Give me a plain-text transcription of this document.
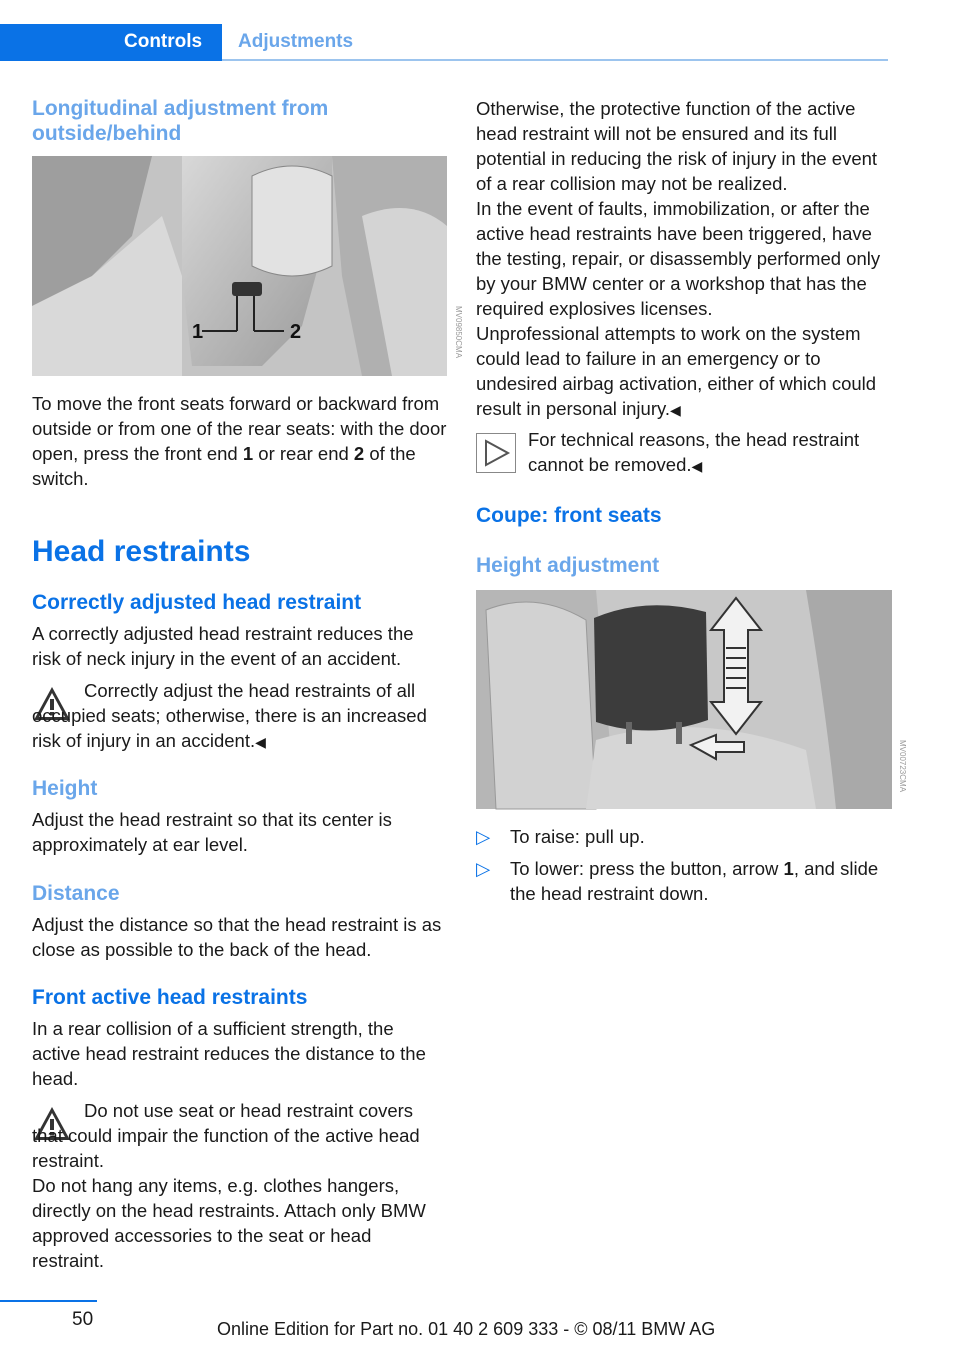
Controls Adjustments
Longitudinal adjustment from outside/behind
1	2	MV09850CMA

To move the front seats forward or backward from outside or from one of the rear seats: with the door open, press the front end 1 or rear end 2 of the switch.

Head restraints
Correctly adjusted head restraint

A correctly adjusted head restraint reduces the risk of neck injury in the event of an accident.

Correctly adjust the head restraints of all occupied seats; otherwise, there is an increased risk of injury in an accident.◀

Height

Adjust the head restraint so that its center is approximately at ear level.

Distance

Adjust the distance so that the head restraint is as close as possible to the back of the head.

Front active head restraints

In a rear collision of a sufficient strength, the active head restraint reduces the distance to the head.

Do not use seat or head restraint covers that could impair the function of the active head restraint.

Do not hang any items, e.g. clothes hangers, directly on the head restraints. Attach only BMW approved accessories to the seat or head restraint.

Otherwise, the protective function of the active head restraint will not be ensured and its full potential in reducing the risk of injury in the event of a rear collision may not be realized.

In the event of faults, immobilization, or after the active head restraints have been triggered, have the testing, repair, or disassembly performed only by your BMW center or a workshop that has the required explosives licenses.

Unprofessional attempts to work on the system could lead to failure in an emergency or to undesired airbag activation, either of which could result in personal injury.◀

For technical reasons, the head restraint cannot be removed.◀

Coupe: front seats
Height adjustment
MV00723CMA
▷ To raise: pull up.
▷ To lower: press the button, arrow 1, and slide the head restraint down.
50	Online Edition for Part no. 01 40 2 609 333 - © 08/11 BMW AG
